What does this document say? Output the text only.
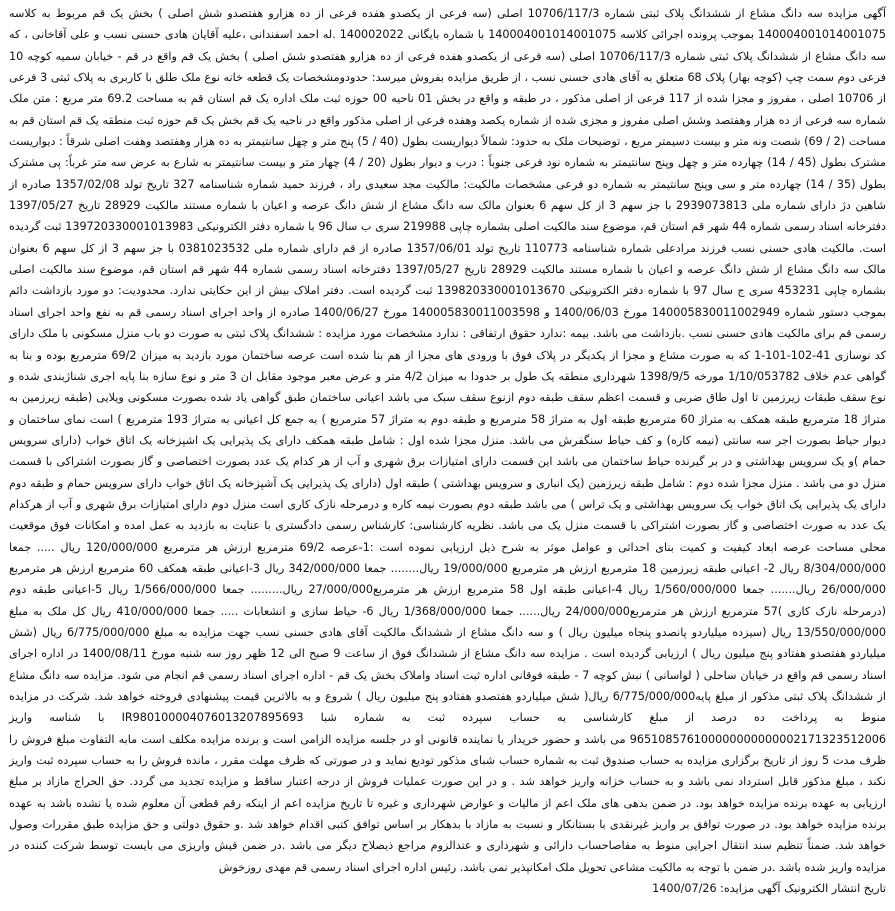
آگهی مزایده سه دانگ مشاع از ششدانگ پلاک ثبتی شماره 10706/117/3 اصلی (سه فرعی از یکصدو هفده فرعی از ده هزارو هفتصدو شش اصلی ) بخش یک قم مربوط به کلاسه 140004001014001075 بموجب پرونده اجرائی کلاسه 140004001014001075 با شماره بایگانی 140002022 .له احمد اسفندانی ،علیه آقایان هادی حسنی نسب و علی آقاخانی ، که سه دانگ مشاع از ششدانگ پلاک ثبتی شماره 10706/117/3 اصلی (سه فرعی از یکصدو هفده فرعی از ده هزارو هفتصدو شش اصلی ) بخش یک قم واقع در قم - خیابان سمیه کوچه 10 فرعی دوم سمت چپ (کوچه بهار) پلاک 68 متعلق به آقای هادی حسنی نسب ، از طریق مزایده بفروش میرسد: حدودومشخصات یک قطعه خانه نوع ملک طلق با کاربری به پلاک ثبتی 3 فرعی از 10706 اصلی ، مفروز و مجزا شده از 117 فرعی از اصلی مذکور ، در طبقه و واقع در بخش 01 ناحیه 00 حوزه ثبت ملک اداره یک قم استان قم به مساحت 69.2 متر مربع : متن ملک شماره سه فرعی از ده هزار وهفتصد وشش اصلی مفروز و مجزی شده از شماره یکصد وهفده فرعی از اصلی مذکور واقع در ناحیه یک قم بخش یک قم حوزه ثبت منطقه یک قم استان قم به مساحت (2 / 69) شصت ونه متر و بیست دسیمتر مربع ، توضیحات ملک به حدود: شمالاً دیواریست بطول (40 / 5) پنج متر و چهل سانتیمتر به ده هزار وهفتصد وهفت اصلی شرقاً : دیواریست مشترک بطول (45 / 14) چهارده متر و چهل وپنج سانتیمتر به شماره نود فرعی جنوباً : درب و دیوار بطول (20 / 4) چهار متر و بیست سانتیمتر به شارع به عرض سه متر غرباً: پی مشترک بطول (35 / 14) چهارده متر و سی وپنج سانتیمتر به شماره دو فرعی مشخصات مالکیت: مالکیت مجد سعیدی راد ، فرزند حمید شماره شناسنامه 327 تاریخ تولد 1357/02/08 صادره از شاهین دژ دارای شماره ملی 2939073813 با جز سهم 3 از کل سهم 6 بعنوان مالک سه دانگ مشاع از شش دانگ عرصه و اعیان با شماره مستند مالکیت 28929 تاریخ 1397/05/27 دفترخانه اسناد رسمی شماره 44 شهر قم استان قم، موضوع سند مالکیت اصلی بشماره چاپی 219988 سری ب سال 96 با شماره دفتر الکترونیکی 139720330001013983 ثبت گردیده است. مالکیت هادی حسنی نسب فرزند مرادعلی شماره شناسنامه 110773 تاریخ تولد 1357/06/01 صادره از قم دارای شماره ملی 0381023532 با جز سهم 3 از کل سهم 6 بعنوان مالک سه دانگ مشاع از شش دانگ عرصه و اعیان با شماره مستند مالکیت 28929 تاریخ 1397/05/27 دفترخانه اسناد رسمی شماره 44 شهر قم استان قم، موضوع سند مالکیت اصلی بشماره چاپی 453231 سری ج سال 97 با شماره دفتر الکترونیکی 139820330001013670 ثبت گردیده است. دفتر املاک بیش از این حکایتی ندارد. محدودیت: دو مورد بازداشت دائم بموجب دستور شماره 140005830011002949 مورخ 1400/06/03 و 140005830011003598 مورخ 1400/06/27 صادره از واحد اجرای اسناد رسمی قم به نفع واحد اجرای اسناد رسمی قم برای مالکیت هادی حسنی نسب .بازداشت می باشد. بیمه :ندارد حقوق ارتفاقی : ندارد مشخصات مورد مزایده : ششدانگ پلاک ثبتی به صورت دو باب منزل مسکونی با ملک دارای کد نوسازی 41-102-101-1 که به صورت مشاع و مجزا از یکدیگر در پلاک فوق با ورودی های مجزا از هم بنا شده است عرصه ساختمان مورد بازدید به میزان 69/2 مترمربع بوده و بنا به گواهی عدم خلاف 1/10/053782 مورخه 1398/9/5 شهرداری منطقه یک طول بر حدودا به میزان 4/2 متر و عرض معبر موجود مقابل ان 3 متر و نوع سازه بنا پایه اجری شناژبندی شده و نوع سقف طبقات زیرزمین تا اول طاق ضربی و قسمت اعظم سقف طبقه دوم ازنوع سقف سبک می باشد اعیانی ساختمان طبق گواهی یاد شده بصورت مسکونی ویلایی (طبقه زیرزمین به متراژ 18 مترمربع طبقه همکف به متراژ 60 مترمربع طبقه اول به متراژ 58 مترمربع و طبقه دوم به متراژ 57 مترمربع ) به جمع کل اعیانی به متراژ 193 مترمربع ) است نمای ساختمان و دیوار حیاط بصورت اجر سه سانتی (نیمه کاره) و کف حیاط سنگفرش می باشد. منزل مجزا شده اول : شامل طبقه همکف دارای یک پذیرایی یک اشپزخانه یک اتاق خواب (دارای سرویس حمام )و یک سرویس بهداشتی و در بر گیرنده حیاط ساختمان می باشد این قسمت دارای امتیازات برق شهری و آب از هر کدام یک عدد بصورت اختصاصی و گاز بصورت اشتراکی با قسمت منزل دو می باشد . منزل مجزا شده دوم : شامل طبقه زیرزمین (یک انباری و سرویس بهداشتی ) طبقه اول (دارای یک پذیرایی یک آشپزخانه یک اتاق خواب دارای سرویس حمام و طبقه دوم دارای یک پذیرایی یک اتاق خواب یک سرویس بهداشتی و یک تراس ) می باشد طبقه دوم بصورت نیمه کاره و درمرحله نازک کاری است منزل دوم دارای امتیازات برق شهری و آب از هرکدام یک عدد به صورت اختصاصی و گاز بصورت اشتراکی با قسمت منزل یک می باشد. نظریه کارشناسی: کارشناس رسمی دادگستری با عنایت به بازدید به عمل امده و امکانات فوق موقعیت محلی مساحت عرصه ابعاد کیفیت و کمیت بنای احداثی و عوامل موثر به شرح ذیل ارزیابی نموده است :1-عرصه 69/2 مترمربع ارزش هر مترمربع 120/000/000 ریال ..... جمعا 8/304/000/000 ریال 2- اعیانی طبقه زیرزمین 18 مترمربع ارزش هر مترمربع 19/000/000 ریال........ جمعا 342/000/000 ریال 3-اعیانی طبقه همکف 60 مترمربع ارزش هر مترمربع 26/000/000 ریال....... جمعا 1/560/000/000 ریال 4-اعیانی طبقه اول 58 مترمربع ارزش هر مترمربع27/000/000 ریال......... جمعا 1/566/000/000 ریال 5-اعیانی طبقه دوم (درمرحله نازک کاری )57 مترمربع ارزش هر مترمربع24/000/000 ریال...... جمعا 1/368/000/000 ریال 6- حیاط سازی و انشعابات ..... جمعا 410/000/000 ریال کل ملک به مبلغ 13/550/000/000 ریال (سیزده میلیاردو پانصدو پنجاه میلیون ریال ) و سه دانگ مشاع از ششدانگ مالکیت آقای هادی حسنی نسب جهت مزایده به مبلغ 6/775/000/000 ریال (شش میلیاردو هفتصدو هفتادو پنج میلیون ریال ) ارزیابی گردیده است . مزایده سه دانگ مشاع از ششدانگ فوق از ساعت 9 صبح الی 12 ظهر روز سه شنبه مورخ 1400/08/11 در اداره اجرای اسناد رسمی قم واقع در خیابان ساحلی ( لواسانی ) نبش کوچه 7 - طبقه فوقانی اداره ثبت اسناد واملاک بخش یک قم - اداره اجرای اسناد رسمی قم انجام می شود. مزایده سه دانگ مشاع از ششدانگ پلاک ثبتی مذکور از مبلغ پایه6/775/000/000 ریال( شش میلیاردو هفتصدو هفتادو پنج میلیون ریال ) شروع و به بالاترین قیمت پیشنهادی فروخته خواهد شد. شرکت در مزایده منوط به پرداخت ده درصد از مبلغ کارشناسی به حساب سپرده ثبت به شماره شبا IR980100004076013207895693 با شناسه واریز 965108576100000000000002171323512006 می باشد و حضور خریدار یا نماینده قانونی او در جلسه مزایده الزامی است و برنده مزایده مکلف است مابه التفاوت مبلغ فروش را ظرف مدت 5 روز از تاریخ برگزاری مزایده به حساب صندوق ثبت به شماره حساب شبای مذکور تودیع نماید و در صورتی که ظرف مهلت مقرر ، مانده فروش را به حساب سپرده ثبت واریز نکند ، مبلغ مذکور قابل استرداد نمی باشد و به حساب خزانه واریز خواهد شد . و در این صورت عملیات فروش از درجه اعتبار ساقط و مزایده تجدید می گردد. حق الحراج مازاد بر مبلغ ارزیابی به عهده برنده مزایده خواهد بود. در ضمن بدهی های ملک اعم از مالیات و عوارض شهرداری و غیره تا تاریخ مزایده اعم از اینکه رقم قطعی آن معلوم شده یا نشده باشد به عهده برنده مزایده خواهد بود. در صورت توافق بر واریز غیرنقدی با بستانکار و نسبت به مازاد با بدهکار بر اساس توافق کتبی اقدام خواهد شد .و حقوق دولتی و حق مزایده طبق مقررات وصول خواهد شد. ضمناً تنظیم سند انتقال اجرایی منوط به مفاصاحساب دارائی و شهرداری و عندالزوم مراجع ذیصلاح دیگر می باشد .در ضمن فیش واریزی می بایست توسط شرکت کننده در مزایده واریز شده باشد .در ضمن با توجه به مالکیت مشاعی تحویل ملک امکانپذیر نمی باشد. رئیس اداره اجرای اسناد رسمی قم مهدی روزخوش

تاریخ انتشار الکترونیک آگهی مزایده: 1400/07/26
